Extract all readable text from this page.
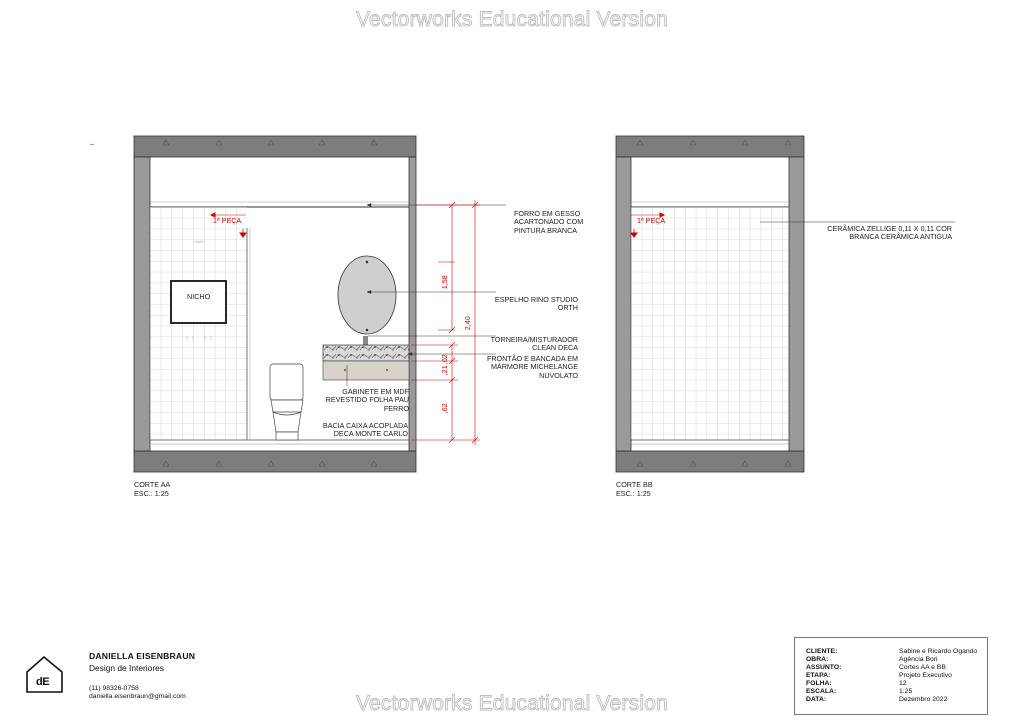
Vectorworks Educational Version
Vectorworks Educational Version
1ª PEÇA
NICHO
FORRO EM GESSO
ACARTONADO COM
PINTURA BRANCA
ESPELHO RINO STUDIO
ORTH
TORNEIRA/MISTURADOR
CLEAN DECA
FRONTÃO E BANCADA EM
MÁRMORE MICHELANGE
NUVOLATO
GABINETE EM MDF
REVESTIDO FOLHA PAU
FERRO
BACIA CAIXA ACOPLADA
DECA MONTE CARLO
1,58
2,40
,02
,21
,62
1ª PEÇA
CERÂMICA ZELLIGE 0,11 X 0,11 COR
BRANCA CERÂMICA ANTIGUA
CORTE AA
ESC.: 1:25
CORTE BB
ESC.: 1:25
dE
DANIELLA EISENBRAUN
Design de Interiores
(11) 98326-0758
daniella.eisenbraun@gmail.com
CLIENTE:	Sabine e Ricardo Ogando
OBRA:	Agência Bori
ASSUNTO:	Cortes AA e BB
ETAPA:	Projeto Executivo
FOLHA:	12
ESCALA:	1:25
DATA:	Dezembro 2022
